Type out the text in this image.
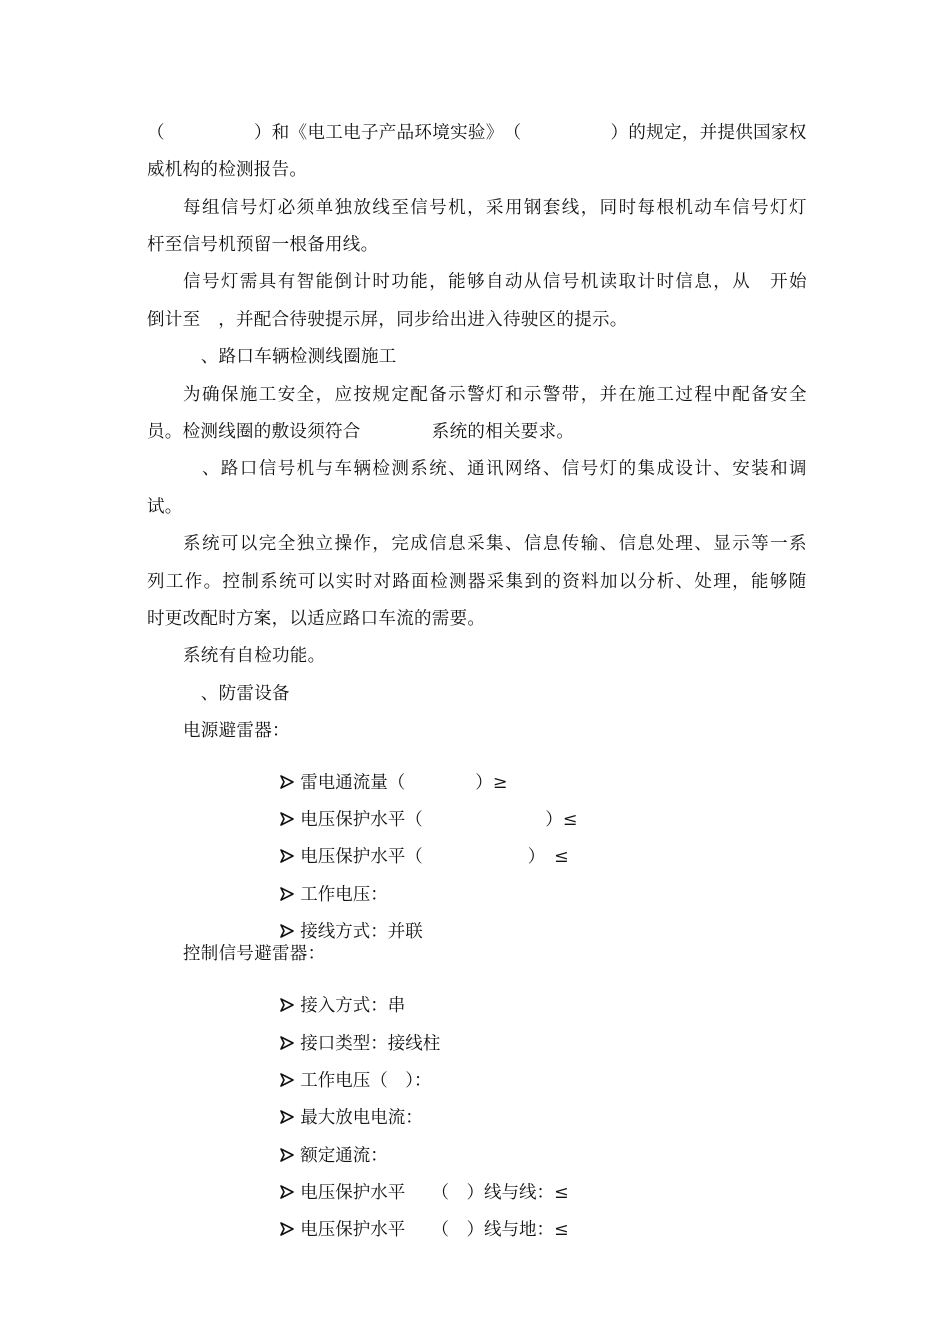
（

　	） 和 《 电 工 电 子 产 品 环 境 实 验 》 （

　	） 的 规 定 ， 并 提 供 国 家 权
威机构的检测报告。
每 组 信 号 灯 必 须 单 独 放 线 至 信 号 机 ， 采 用 钢 套 线 ， 同 时 每 根 机 动 车 信 号 灯 灯
杆至信号机预留一根备用线。
信 号 灯 需 具 有 智 能 倒 计 时 功 能 ， 能 够 自 动 从 信 号 机 读 取 计 时 信 息 ， 从
　 开 始
倒计至　，并配合待驶提示屏，同步给出进入待驶区的提示。
　、路口车辆检测线圈施工
为 确 保 施 工 安 全 ， 应 按 规 定 配 备 示 警 灯 和 示 警 带 ， 并 在 施 工 过 程 中 配 备 安 全
员。检测线圈的敷设须符合　　　　系统的相关要求。

、 路 口 信 号 机 与 车 辆 检 测 系 统 、 通 讯 网 络 、 信 号 灯 的 集 成 设 计 、 安 装 和 调
试。
系 统 可 以 完 全 独 立 操 作 ， 完 成 信 息 采 集 、 信 息 传 输 、 信 息 处 理 、 显 示 等 一 系
列 工 作 。 控 制 系 统 可 以 实 时 对 路 面 检 测 器 采 集 到 的 资 料 加 以 分 析 、 处 理 ， 能 够 随
时更改配时方案，以适应路口车流的需要。
系统有自检功能。
　、防雷设备
电源避雷器：

雷电通流量（　　　　）≥

电压保护水平（　　　　　　　）≤

电压保护水平（　　　　　　）　≤

工作电压：

接线方式：并联

控制信号避雷器：

接入方式：串

接口类型：接线柱

工作电压（　）：

最大放电电流：

额定通流：

电压保护水平　　（　）线与线：≤

电压保护水平　　（　）线与地：≤
